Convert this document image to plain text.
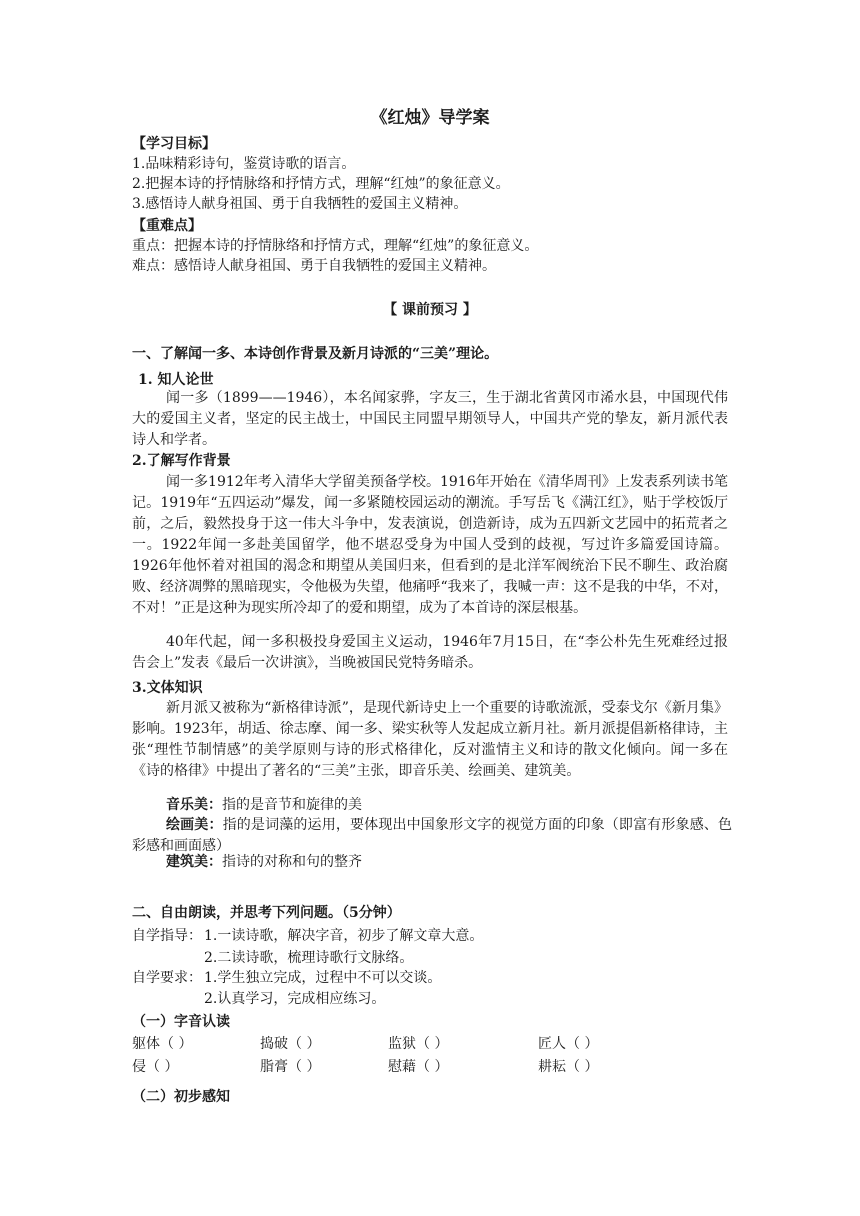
《红烛》导学案
【学习目标】
1.品味精彩诗句，鉴赏诗歌的语言。
2.把握本诗的抒情脉络和抒情方式，理解“红烛”的象征意义。
3.感悟诗人献身祖国、勇于自我牺牲的爱国主义精神。
【重难点】
重点：把握本诗的抒情脉络和抒情方式，理解“红烛”的象征意义。
难点：感悟诗人献身祖国、勇于自我牺牲的爱国主义精神。
【 课前预习 】
一、了解闻一多、本诗创作背景及新月诗派的“三美”理论。
1. 知人论世
闻一多（1899——1946），本名闻家骅，字友三，生于湖北省黄冈市浠水县，中国现代伟大的爱国主义者，坚定的民主战士，中国民主同盟早期领导人，中国共产党的挚友，新月派代表诗人和学者。
2.了解写作背景
闻一多1912年考入清华大学留美预备学校。1916年开始在《清华周刊》上发表系列读书笔记。1919年“五四运动”爆发，闻一多紧随校园运动的潮流。手写岳飞《满江红》，贴于学校饭厅前，之后，毅然投身于这一伟大斗争中，发表演说，创造新诗，成为五四新文艺园中的拓荒者之一。1922年闻一多赴美国留学，他不堪忍受身为中国人受到的歧视，写过许多篇爱国诗篇。1926年他怀着对祖国的渴念和期望从美国归来，但看到的是北洋军阀统治下民不聊生、政治腐败、经济凋弊的黑暗现实，令他极为失望，他痛呼“我来了，我喊一声：这不是我的中华，不对，不对！”正是这种为现实所冷却了的爱和期望，成为了本首诗的深层根基。
40年代起，闻一多积极投身爱国主义运动，1946年7月15日，在“李公朴先生死难经过报告会上”发表《最后一次讲演》，当晚被国民党特务暗杀。
3.文体知识
新月派又被称为“新格律诗派”，是现代新诗史上一个重要的诗歌流派，受泰戈尔《新月集》影响。1923年，胡适、徐志摩、闻一多、梁实秋等人发起成立新月社。新月派提倡新格律诗，主张“理性节制情感”的美学原则与诗的形式格律化，反对滥情主义和诗的散文化倾向。闻一多在《诗的格律》中提出了著名的“三美”主张，即音乐美、绘画美、建筑美。
音乐美：指的是音节和旋律的美
绘画美：指的是词藻的运用，要体现出中国象形文字的视觉方面的印象（即富有形象感、色彩感和画面感）
建筑美：指诗的对称和句的整齐
二、自由朗读，并思考下列问题。（5分钟）
自学指导： 1.一读诗歌，解决字音，初步了解文章大意。
2.二读诗歌，梳理诗歌行文脉络。
自学要求： 1.学生独立完成，过程中不可以交谈。
2.认真学习，完成相应练习。
（一）字音认读
躯体（ ）	捣破（ ）	监狱（ ）	匠人（ ）
侵（ ）	脂膏（ ）	慰藉（ ）	耕耘（ ）
（二）初步感知
